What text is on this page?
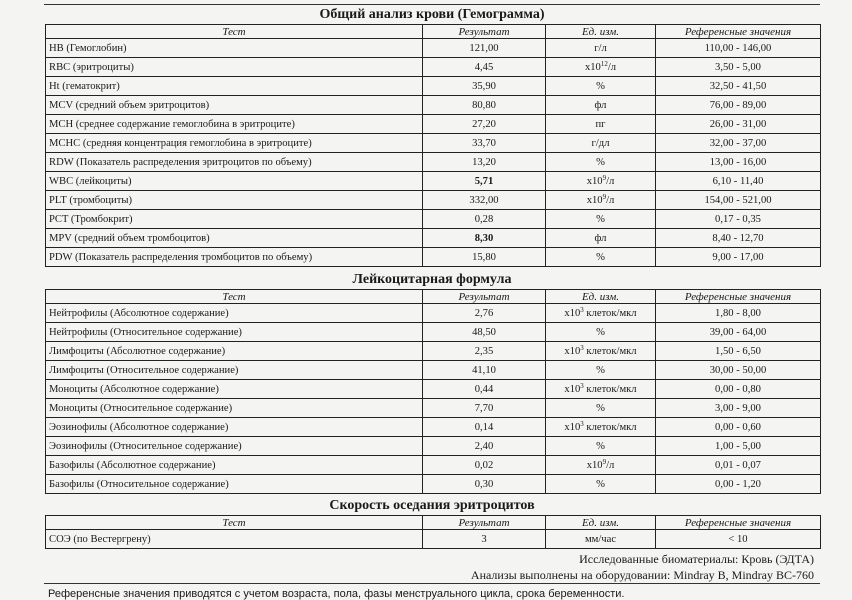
Общий анализ крови (Гемограмма)
Тест	Результат	Ед. изм.	Референсные значения
HB (Гемоглобин)	121,00	г/л	110,00 - 146,00
RBC (эритроциты)	4,45	$x10^{12}/л$	3,50 - 5,00
Ht (гематокрит)	35,90	%	32,50 - 41,50
MCV (средний объем эритроцитов)	80,80	фл	76,00 - 89,00
MCH (среднее содержание гемоглобина в эритроците)	27,20	пг	26,00 - 31,00
MCHC (средняя концентрация гемоглобина в эритроците)	33,70	г/дл	32,00 - 37,00
RDW (Показатель распределения эритроцитов по объему)	13,20	%	13,00 - 16,00
WBC (лейкоциты)	5,71	$x10^9/л$	6,10 - 11,40
PLT (тромбоциты)	332,00	$x10^9/л$	154,00 - 521,00
PCT (Тромбокрит)	0,28	%	0,17 - 0,35
MPV (средний объем тромбоцитов)	8,30	фл	8,40 - 12,70
PDW (Показатель распределения тромбоцитов по объему)	15,80	%	9,00 - 17,00
Лейкоцитарная формула
Тест	Результат	Ед. изм.	Референсные значения
Нейтрофилы (Абсолютное содержание)	2,76	$x10^3$ клеток/мкл	1,80 - 8,00
Нейтрофилы (Относительное содержание)	48,50	%	39,00 - 64,00
Лимфоциты (Абсолютное содержание)	2,35	$x10^3$ клеток/мкл	1,50 - 6,50
Лимфоциты (Относительное содержание)	41,10	%	30,00 - 50,00
Моноциты (Абсолютное содержание)	0,44	$x10^3$ клеток/мкл	0,00 - 0,80
Моноциты (Относительное содержание)	7,70	%	3,00 - 9,00
Эозинофилы (Абсолютное содержание)	0,14	$x10^3$ клеток/мкл	0,00 - 0,60
Эозинофилы (Относительное содержание)	2,40	%	1,00 - 5,00
Базофилы (Абсолютное содержание)	0,02	$x10^9/л$	0,01 - 0,07
Базофилы (Относительное содержание)	0,30	%	0,00 - 1,20
Скорость оседания эритроцитов
Тест	Результат	Ед. изм.	Референсные значения
СОЭ (по Вестергрену)	3	мм/час	< 10
Исследованные биоматериалы: Кровь (ЭДТА)
Анализы выполнены на оборудовании: Mindray B, Mindray BC-760
Референсные значения приводятся с учетом возраста, пола, фазы менструального цикла, срока беременности.
